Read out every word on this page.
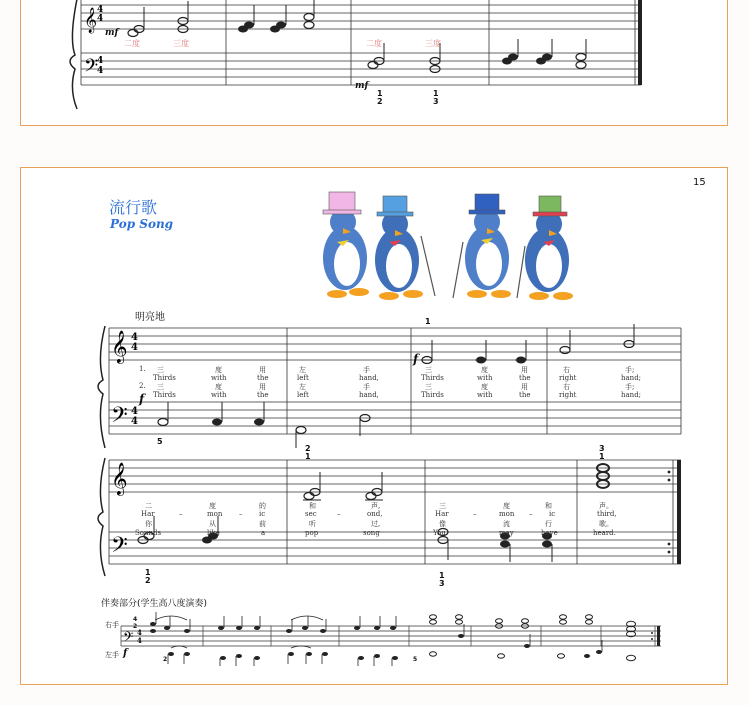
𝄞 4
4
𝄢
4
4
mf
二度	三度	二度	三度
mf
1
2
1
3
15
流行歌
Pop Song
明亮地
𝄞 4
4
𝄢 4
4
f
f
1
5
2
1
3
1
1. 三	度	用	左	手	三	度	用	右	手;
Thirds	with	the	left	hand,	Thirds	with	the	right	hand;
2. 三	度	用	左	手	三	度	用	右	手;
Thirds	with	the	left	hand,	Thirds	with	the	right	hand;
𝄞
𝄢
1
2
1
3
二	度	的	和	声,	三	度	和	声。
Har	–	mon – ic	sec	–	ond,	Har	–	mon – ic	third,
你	从	前	听	过,	像	流	行	歌。
Sounds	like	a	pop	song	You	may	have	heard.
伴奏部分(学生高八度演奏)
右手
左手 f
4
2
2	5
𝄢 4
4
